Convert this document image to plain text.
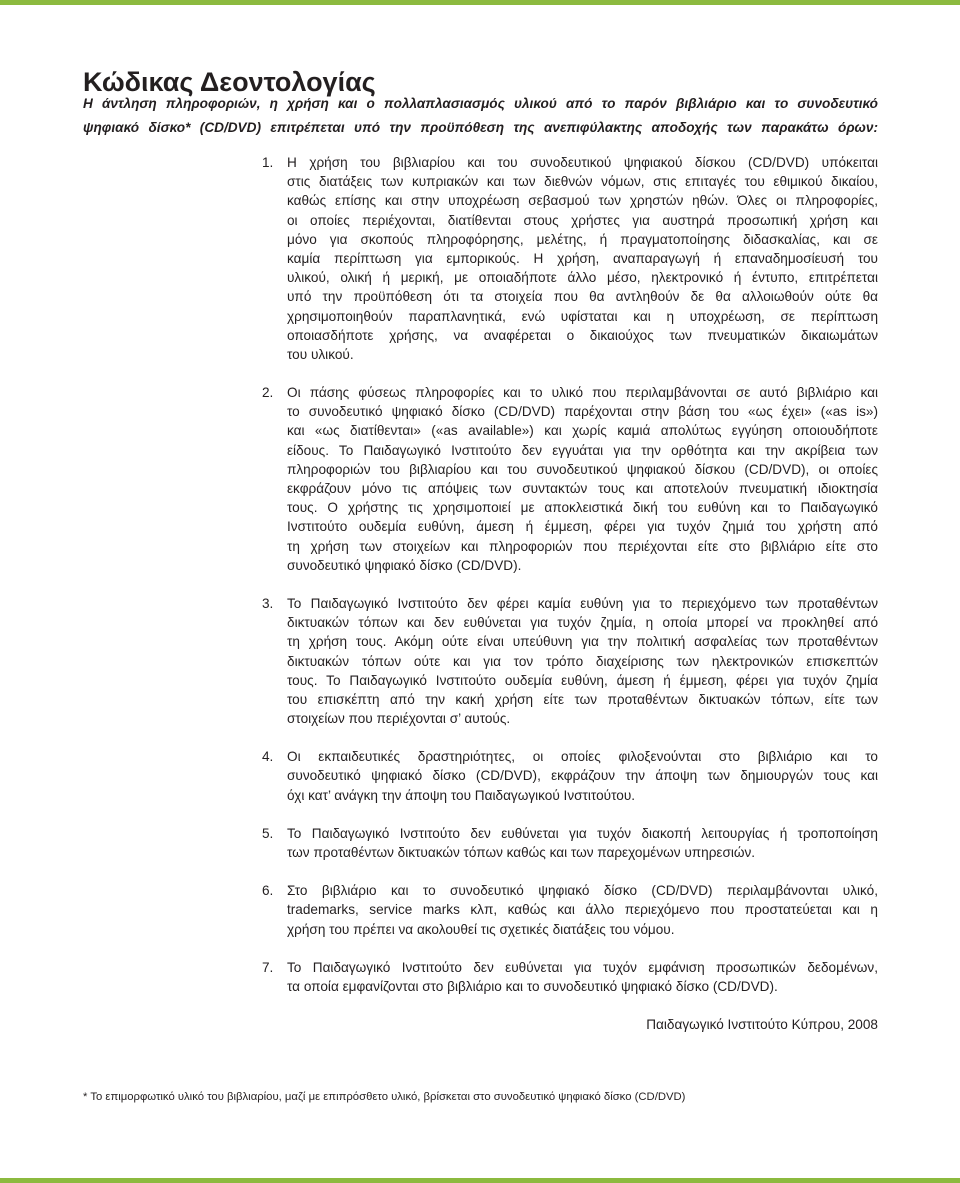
Κώδικας Δεοντολογίας
Η άντληση πληροφοριών, η χρήση και ο πολλαπλασιασμός υλικού από το παρόν βιβλιάριο και το συνοδευτικό
ψηφιακό δίσκο* (CD/DVD) επιτρέπεται υπό την προϋπόθεση της ανεπιφύλακτης αποδοχής των παρακάτω όρων:
1. Η χρήση του βιβλιαρίου και του συνοδευτικού ψηφιακού δίσκου (CD/DVD) υπόκειται
στις διατάξεις των κυπριακών και των διεθνών νόμων, στις επιταγές του εθιμικού δικαίου,
καθώς επίσης και στην υποχρέωση σεβασμού των χρηστών ηθών. Όλες οι πληροφορίες,
οι οποίες περιέχονται, διατίθενται στους χρήστες για αυστηρά προσωπική χρήση και
μόνο για σκοπούς πληροφόρησης, μελέτης, ή πραγματοποίησης διδασκαλίας, και σε
καμία περίπτωση για εμπορικούς. Η χρήση, αναπαραγωγή ή επαναδημοσίευσή του
υλικού, ολική ή μερική, με οποιαδήποτε άλλο μέσο, ηλεκτρονικό ή έντυπο, επιτρέπεται
υπό την προϋπόθεση ότι τα στοιχεία που θα αντληθούν δε θα αλλοιωθούν ούτε θα
χρησιμοποιηθούν παραπλανητικά, ενώ υφίσταται και η υποχρέωση, σε περίπτωση
οποιασδήποτε χρήσης, να αναφέρεται ο δικαιούχος των πνευματικών δικαιωμάτων
του υλικού.
2. Οι πάσης φύσεως πληροφορίες και το υλικό που περιλαμβάνονται σε αυτό βιβλιάριο και
το συνοδευτικό ψηφιακό δίσκο (CD/DVD) παρέχονται στην βάση του «ως έχει» («as is»)
και «ως διατίθενται» («as available») και χωρίς καμιά απολύτως εγγύηση οποιουδήποτε
είδους. Το Παιδαγωγικό Ινστιτούτο δεν εγγυάται για την ορθότητα και την ακρίβεια των
πληροφοριών του βιβλιαρίου και του συνοδευτικού ψηφιακού δίσκου (CD/DVD), οι οποίες
εκφράζουν μόνο τις απόψεις των συντακτών τους και αποτελούν πνευματική ιδιοκτησία
τους. Ο χρήστης τις χρησιμοποιεί με αποκλειστικά δική του ευθύνη και το Παιδαγωγικό
Ινστιτούτο ουδεμία ευθύνη, άμεση ή έμμεση, φέρει για τυχόν ζημιά του χρήστη από
τη χρήση των στοιχείων και πληροφοριών που περιέχονται είτε στο βιβλιάριο είτε στο
συνοδευτικό ψηφιακό δίσκο (CD/DVD).
3. Το Παιδαγωγικό Ινστιτούτο δεν φέρει καμία ευθύνη για το περιεχόμενο των προταθέντων
δικτυακών τόπων και δεν ευθύνεται για τυχόν ζημία, η οποία μπορεί να προκληθεί από
τη χρήση τους. Ακόμη ούτε είναι υπεύθυνη για την πολιτική ασφαλείας των προταθέντων
δικτυακών τόπων ούτε και για τον τρόπο διαχείρισης των ηλεκτρονικών επισκεπτών
τους. Το Παιδαγωγικό Ινστιτούτο ουδεμία ευθύνη, άμεση ή έμμεση, φέρει για τυχόν ζημία
του επισκέπτη από την κακή χρήση είτε των προταθέντων δικτυακών τόπων, είτε των
στοιχείων που περιέχονται σ’ αυτούς.
4. Οι εκπαιδευτικές δραστηριότητες, οι οποίες φιλοξενούνται στο βιβλιάριο και το
συνοδευτικό ψηφιακό δίσκο (CD/DVD), εκφράζουν την άποψη των δημιουργών τους και
όχι κατ’ ανάγκη την άποψη του Παιδαγωγικού Ινστιτούτου.
5. Το Παιδαγωγικό Ινστιτούτο δεν ευθύνεται για τυχόν διακοπή λειτουργίας ή τροποποίηση
των προταθέντων δικτυακών τόπων καθώς και των παρεχομένων υπηρεσιών.
6. Στο βιβλιάριο και το συνοδευτικό ψηφιακό δίσκο (CD/DVD) περιλαμβάνονται υλικό,
trademarks, service marks κλπ, καθώς και άλλο περιεχόμενο που προστατεύεται και η
χρήση του πρέπει να ακολουθεί τις σχετικές διατάξεις του νόμου.
7. Το Παιδαγωγικό Ινστιτούτο δεν ευθύνεται για τυχόν εμφάνιση προσωπικών δεδομένων,
τα οποία εμφανίζονται στο βιβλιάριο και το συνοδευτικό ψηφιακό δίσκο (CD/DVD).
Παιδαγωγικό Ινστιτούτο Κύπρου, 2008
* Το επιμορφωτικό υλικό του βιβλιαρίου, μαζί με επιπρόσθετο υλικό, βρίσκεται στο συνοδευτικό ψηφιακό δίσκο (CD/DVD)
